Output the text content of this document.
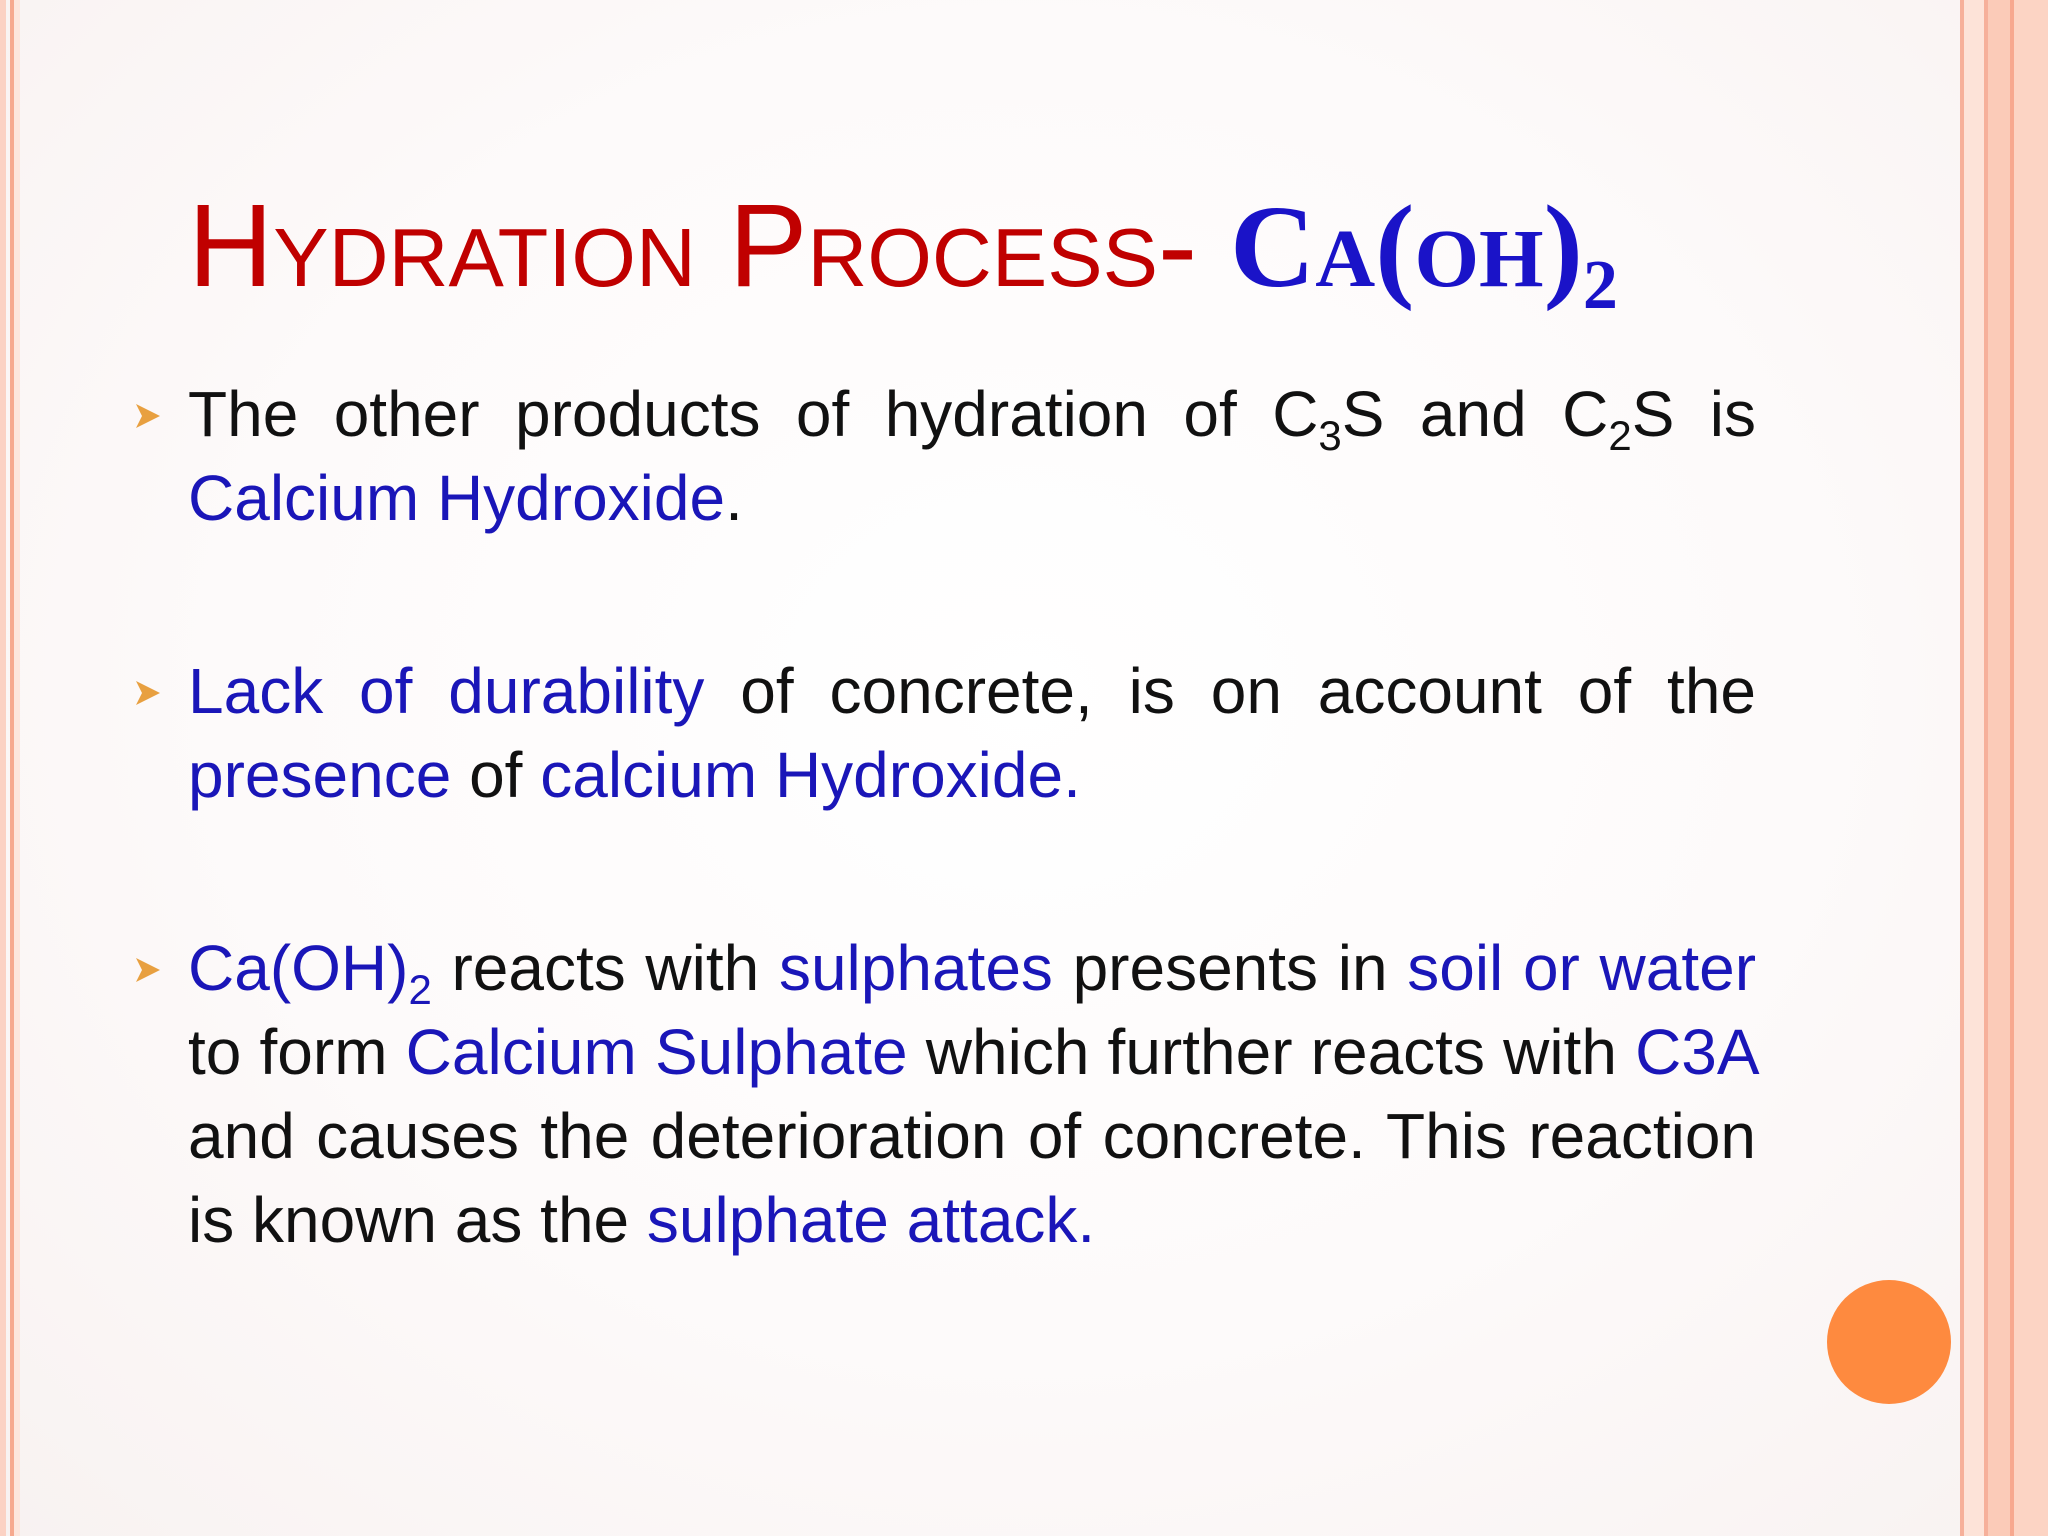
Hydration Process- $Ca(oh)_2$

The other products of hydration of $C_3S$ and $C_2S$ is Calcium Hydroxide.

Lack of durability of concrete, is on account of the presence of calcium Hydroxide.

$Ca(OH)_2$ reacts with sulphates presents in soil or water to form Calcium Sulphate which further reacts with C3A and causes the deterioration of concrete. This reaction is known as the sulphate attack.
